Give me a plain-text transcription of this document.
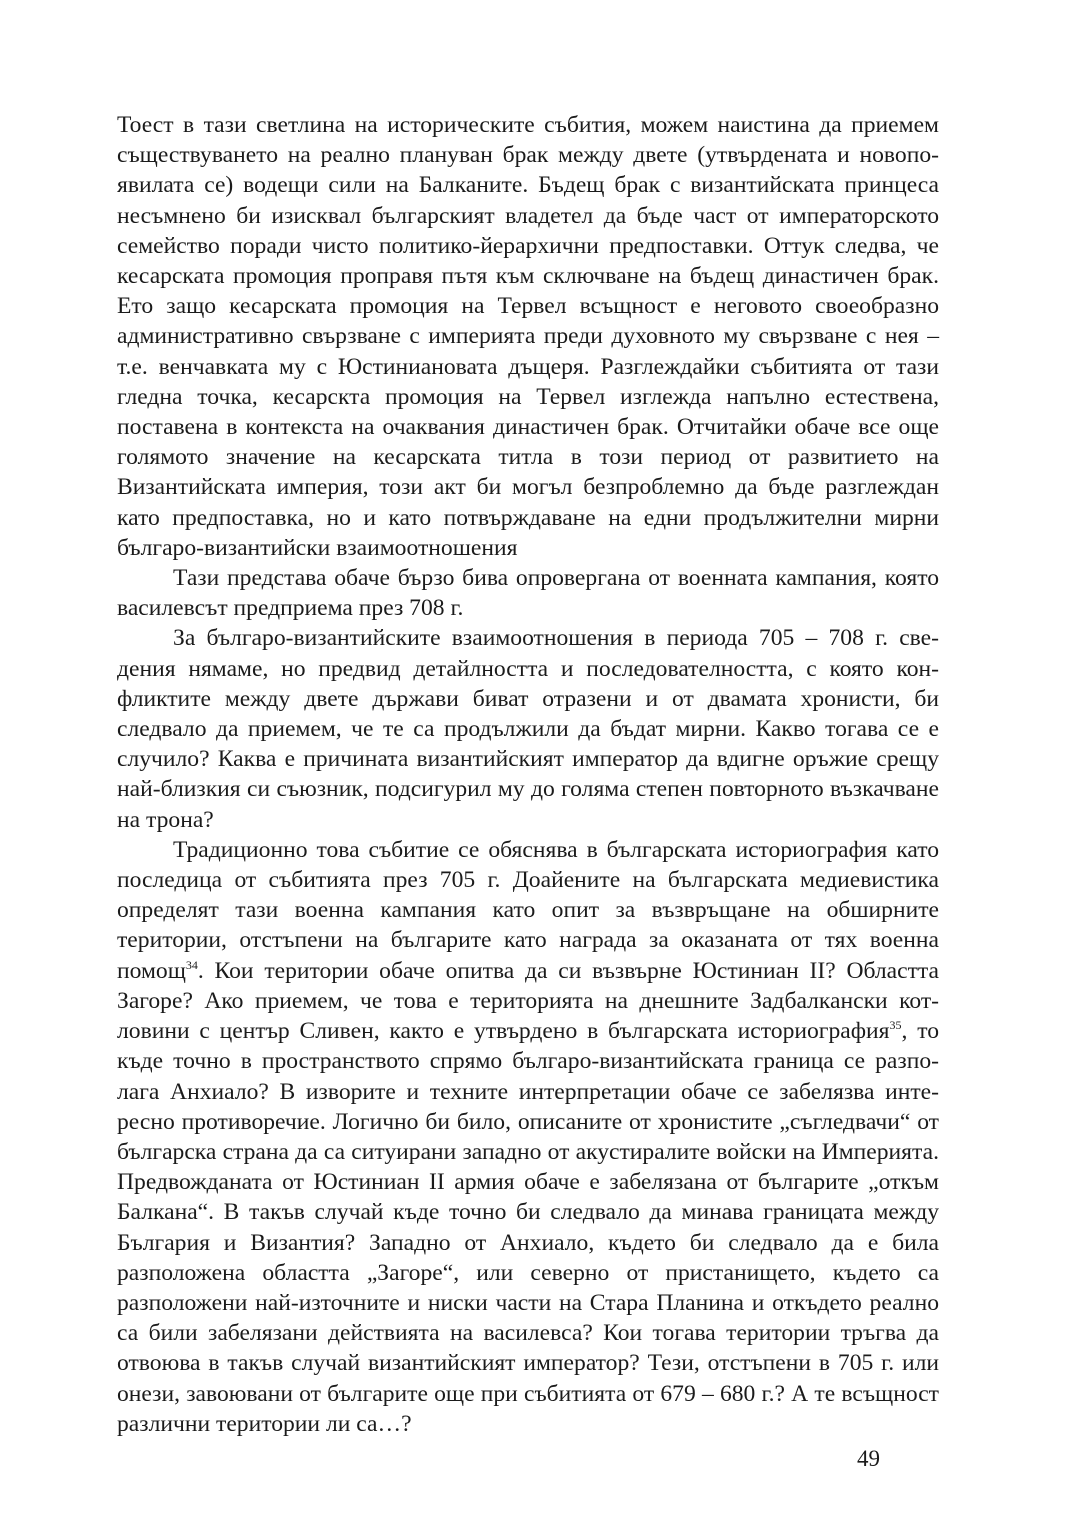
Тоест в тази светлина на историческите събития, можем наистина да приемем съществуването на реално плануван брак между двете (утвърдената и новопоявилата се) водещи сили на Балканите. Бъдещ брак с византийската принцеса несъмнено би изисквал българският владетел да бъде част от императорското семейство поради чисто политико-йерархични предпоставки. Оттук следва, че кесарската промоция проправя пътя към сключване на бъдещ династичен брак. Ето защо кесарската промоция на Тервел всъщност е неговото своеобразно административно свързване с империята преди духовното му свързване с нея – т.е. венчавката му с Юстиниановата дъщеря. Разглеждайки събитията от тази гледна точка, кесарскта промоция на Тервел изглежда напълно естествена, поставена в контекста на очаквания династичен брак. Отчитайки обаче все още голямото значение на кесарската титла в този период от развитието на Византийската империя, този акт би могъл безпроблемно да бъде разглеждан като предпоставка, но и като потвърждаване на едни продължителни мирни българо-византийски взаимоотношения

Тази представа обаче бързо бива опровергана от военната кампания, която василевсът предприема през 708 г.

За българо-византийските взаимоотношения в периода 705 – 708 г. сведения нямаме, но предвид детайлността и последователността, с която конфликтите между двете държави биват отразени и от двамата хронисти, би следвало да приемем, че те са продължили да бъдат мирни. Какво тогава се е случило? Каква е причината византийският император да вдигне оръжие срещу най-близкия си съюзник, подсигурил му до голяма степен повторното възкачване на трона?

Традиционно това събитие се обяснява в българската историография като последица от събитията през 705 г. Доайените на българската медиевистика определят тази военна кампания като опит за възвръщане на обширните територии, отстъпени на българите като награда за оказаната от тях военна помощ$^{34}$. Кои територии обаче опитва да си възвърне Юстиниан II? Областта Загоре? Ако приемем, че това е територията на днешните Задбалкански котловини с център Сливен, както е утвърдено в българската историография$^{35}$, то къде точно в пространството спрямо българо-византийската граница се разполага Анхиало? В изворите и техните интерпретации обаче се забелязва интересно противоречие. Логично би било, описаните от хронистите „съгледвачи“ от българска страна да са ситуирани западно от акустиралите войски на Империята. Предвожданата от Юстиниан II армия обаче е забелязана от българите „откъм Балкана“. В такъв случай къде точно би следвало да минава границата между България и Византия? Западно от Анхиало, където би следвало да е била разположена областта „Загоре“, или северно от пристанището, където са разположени най-източните и ниски части на Стара Планина и откъдето реално са били забелязани действията на василевса? Кои тогава територии тръгва да отвоюва в такъв случай византийският император? Тези, отстъпени в 705 г. или онези, завоювани от българите още при събитията от 679 – 680 г.? А те всъщност различни територии ли са…?

49
